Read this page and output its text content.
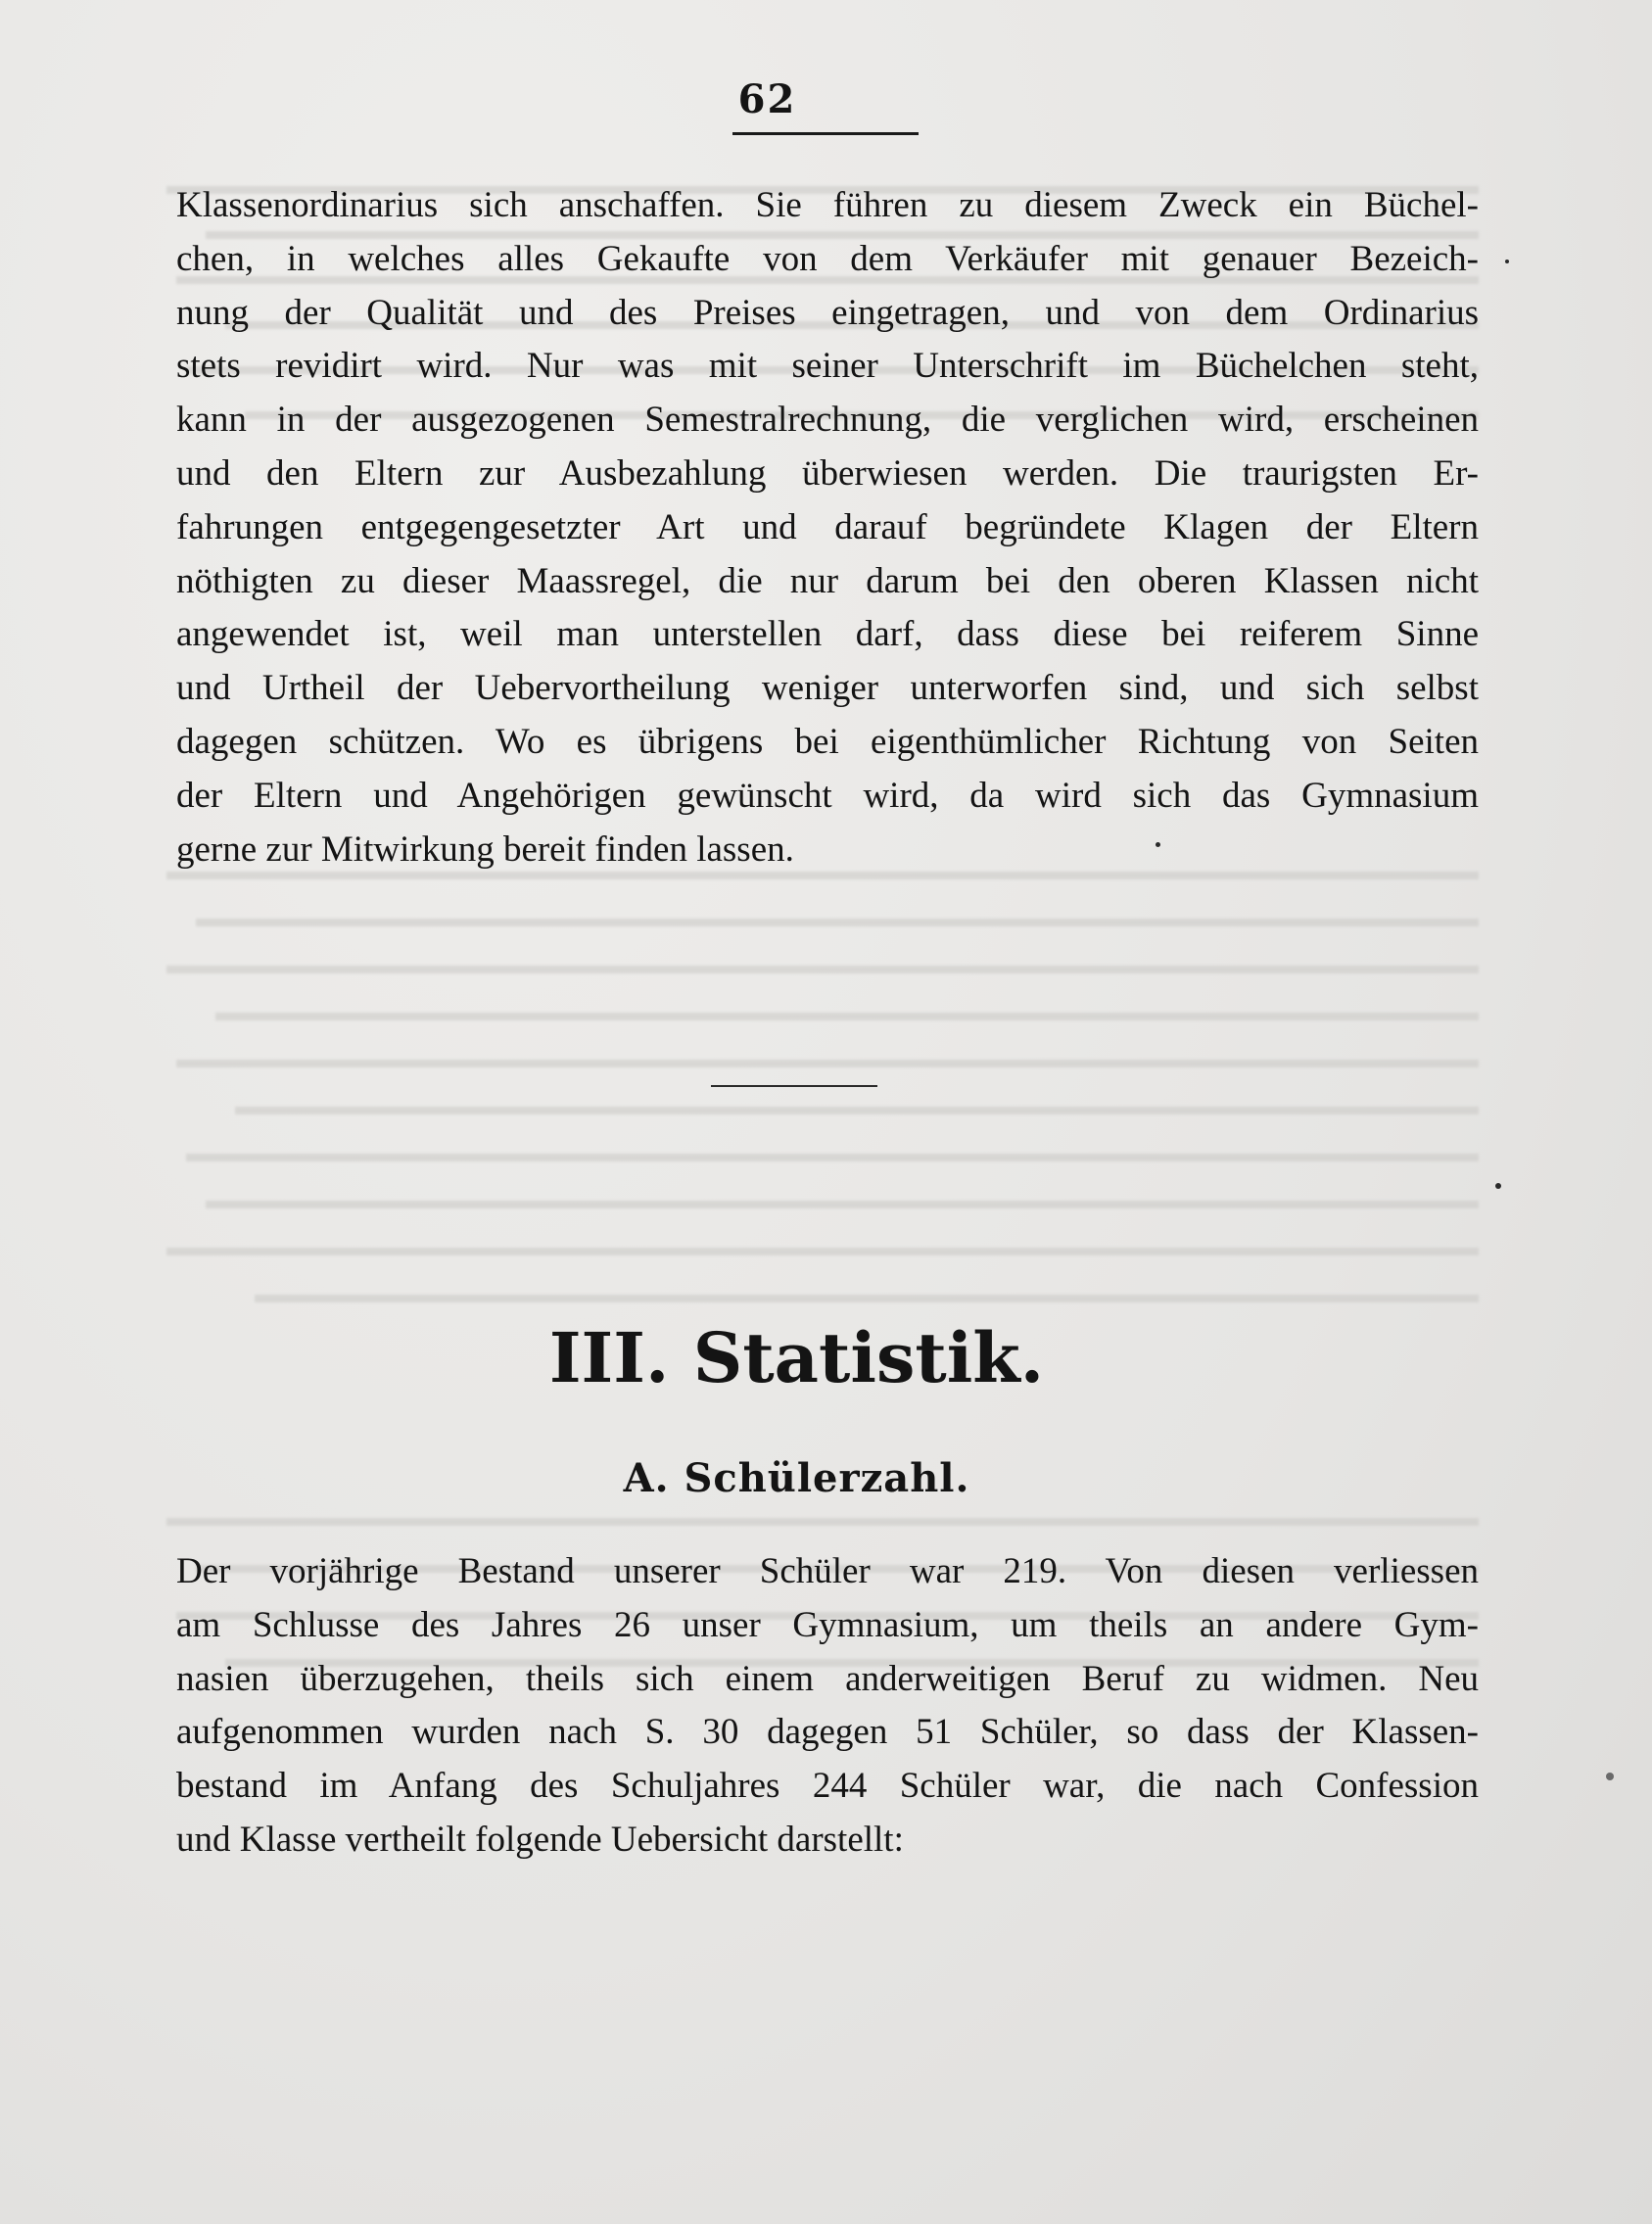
62
Klassenordinarius sich anschaffen. Sie führen zu diesem Zweck ein Büchel-
chen, in welches alles Gekaufte von dem Verkäufer mit genauer Bezeich-
nung der Qualität und des Preises eingetragen, und von dem Ordinarius
stets revidirt wird. Nur was mit seiner Unterschrift im Büchelchen steht,
kann in der ausgezogenen Semestralrechnung, die verglichen wird, erscheinen
und den Eltern zur Ausbezahlung überwiesen werden. Die traurigsten Er-
fahrungen entgegengesetzter Art und darauf begründete Klagen der Eltern
nöthigten zu dieser Maassregel, die nur darum bei den oberen Klassen nicht
angewendet ist, weil man unterstellen darf, dass diese bei reiferem Sinne
und Urtheil der Uebervortheilung weniger unterworfen sind, und sich selbst
dagegen schützen. Wo es übrigens bei eigenthümlicher Richtung von Seiten
der Eltern und Angehörigen gewünscht wird, da wird sich das Gymnasium
gerne zur Mitwirkung bereit finden lassen.
III. Statistik.
A. Schülerzahl.
Der vorjährige Bestand unserer Schüler war 219. Von diesen verliessen
am Schlusse des Jahres 26 unser Gymnasium, um theils an andere Gym-
nasien überzugehen, theils sich einem anderweitigen Beruf zu widmen. Neu
aufgenommen wurden nach S. 30 dagegen 51 Schüler, so dass der Klassen-
bestand im Anfang des Schuljahres 244 Schüler war, die nach Confession
und Klasse vertheilt folgende Uebersicht darstellt:
